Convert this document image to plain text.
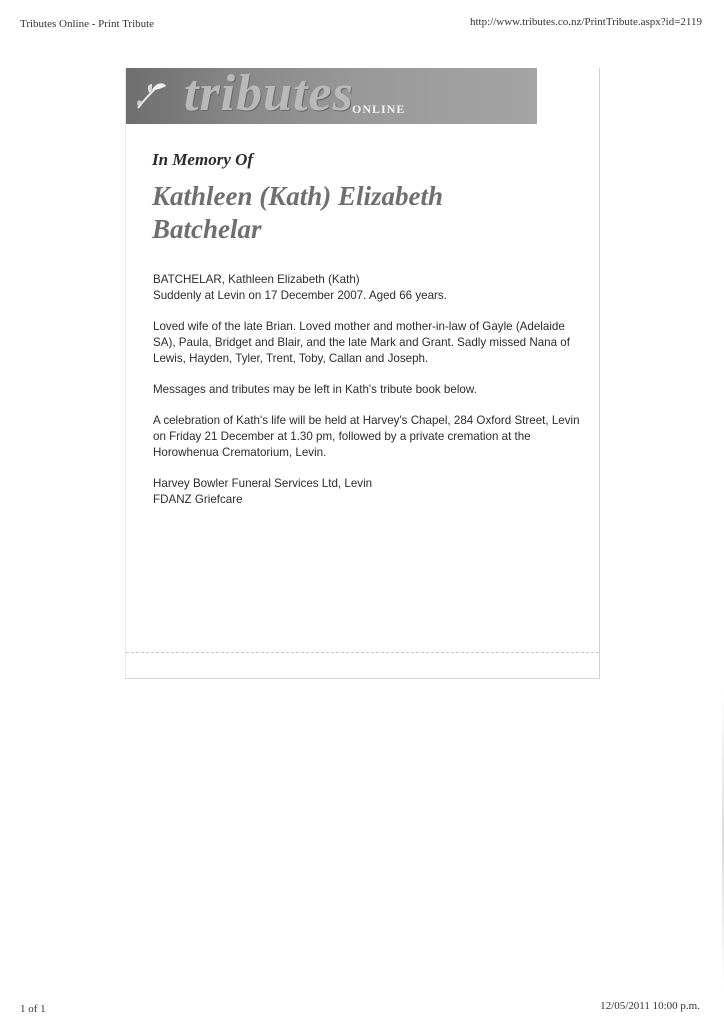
Tributes Online - Print Tribute	http://www.tributes.co.nz/PrintTribute.aspx?id=2119
tributes
ONLINE
In Memory Of
Kathleen (Kath) Elizabeth
Batchelar

BATCHELAR, Kathleen Elizabeth (Kath)
Suddenly at Levin on 17 December 2007. Aged 66 years.

Loved wife of the late Brian. Loved mother and mother-in-law of Gayle (Adelaide SA), Paula, Bridget and Blair, and the late Mark and Grant. Sadly missed Nana of Lewis, Hayden, Tyler, Trent, Toby, Callan and Joseph.

Messages and tributes may be left in Kath's tribute book below.

A celebration of Kath's life will be held at Harvey's Chapel, 284 Oxford Street, Levin on Friday 21 December at 1.30 pm, followed by a private cremation at the Horowhenua Crematorium, Levin.

Harvey Bowler Funeral Services Ltd, Levin
FDANZ Griefcare

1 of 1	12/05/2011 10:00 p.m.
